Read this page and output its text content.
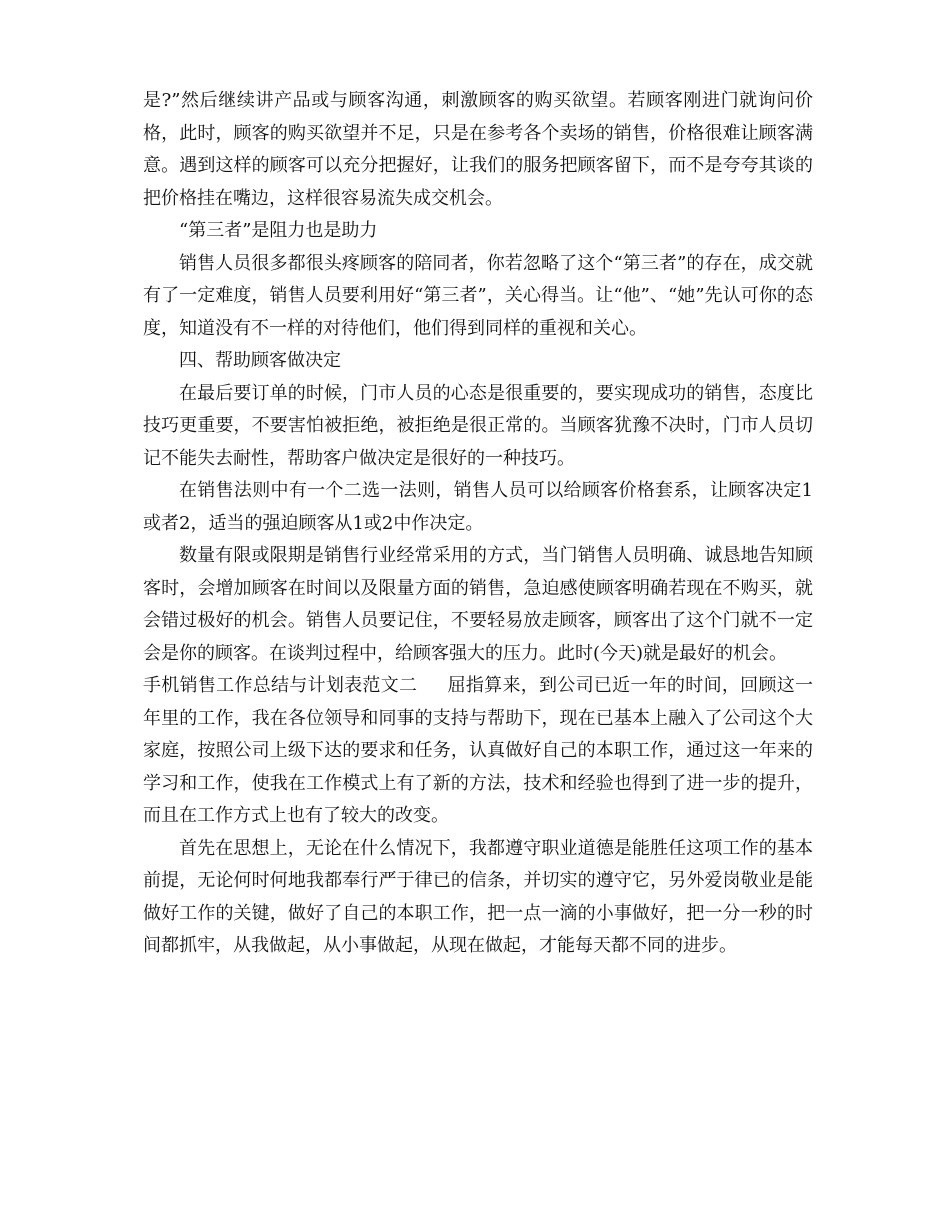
是?”然后继续讲产品或与顾客沟通，刺激顾客的购买欲望。若顾客刚进门就询问价格，此时，顾客的购买欲望并不足，只是在参考各个卖场的销售，价格很难让顾客满意。遇到这样的顾客可以充分把握好，让我们的服务把顾客留下，而不是夸夸其谈的把价格挂在嘴边，这样很容易流失成交机会。

“第三者”是阻力也是助力

销售人员很多都很头疼顾客的陪同者，你若忽略了这个“第三者”的存在，成交就有了一定难度，销售人员要利用好“第三者”，关心得当。让“他”、“她”先认可你的态度，知道没有不一样的对待他们，他们得到同样的重视和关心。

四、帮助顾客做决定

在最后要订单的时候，门市人员的心态是很重要的，要实现成功的销售，态度比技巧更重要，不要害怕被拒绝，被拒绝是很正常的。当顾客犹豫不决时，门市人员切记不能失去耐性，帮助客户做决定是很好的一种技巧。

在销售法则中有一个二选一法则，销售人员可以给顾客价格套系，让顾客决定1或者2，适当的强迫顾客从1或2中作决定。

数量有限或限期是销售行业经常采用的方式，当门销售人员明确、诚恳地告知顾客时，会增加顾客在时间以及限量方面的销售，急迫感使顾客明确若现在不购买，就会错过极好的机会。销售人员要记住，不要轻易放走顾客，顾客出了这个门就不一定会是你的顾客。在谈判过程中，给顾客强大的压力。此时(今天)就是最好的机会。

手机销售工作总结与计划表范文二 屈指算来，到公司已近一年的时间，回顾这一年里的工作，我在各位领导和同事的支持与帮助下，现在已基本上融入了公司这个大家庭，按照公司上级下达的要求和任务，认真做好自己的本职工作，通过这一年来的学习和工作，使我在工作模式上有了新的方法，技术和经验也得到了进一步的提升，而且在工作方式上也有了较大的改变。

首先在思想上，无论在什么情况下，我都遵守职业道德是能胜任这项工作的基本前提，无论何时何地我都奉行严于律已的信条，并切实的遵守它，另外爱岗敬业是能做好工作的关键，做好了自己的本职工作，把一点一滴的小事做好，把一分一秒的时间都抓牢，从我做起，从小事做起，从现在做起，才能每天都不同的进步。
